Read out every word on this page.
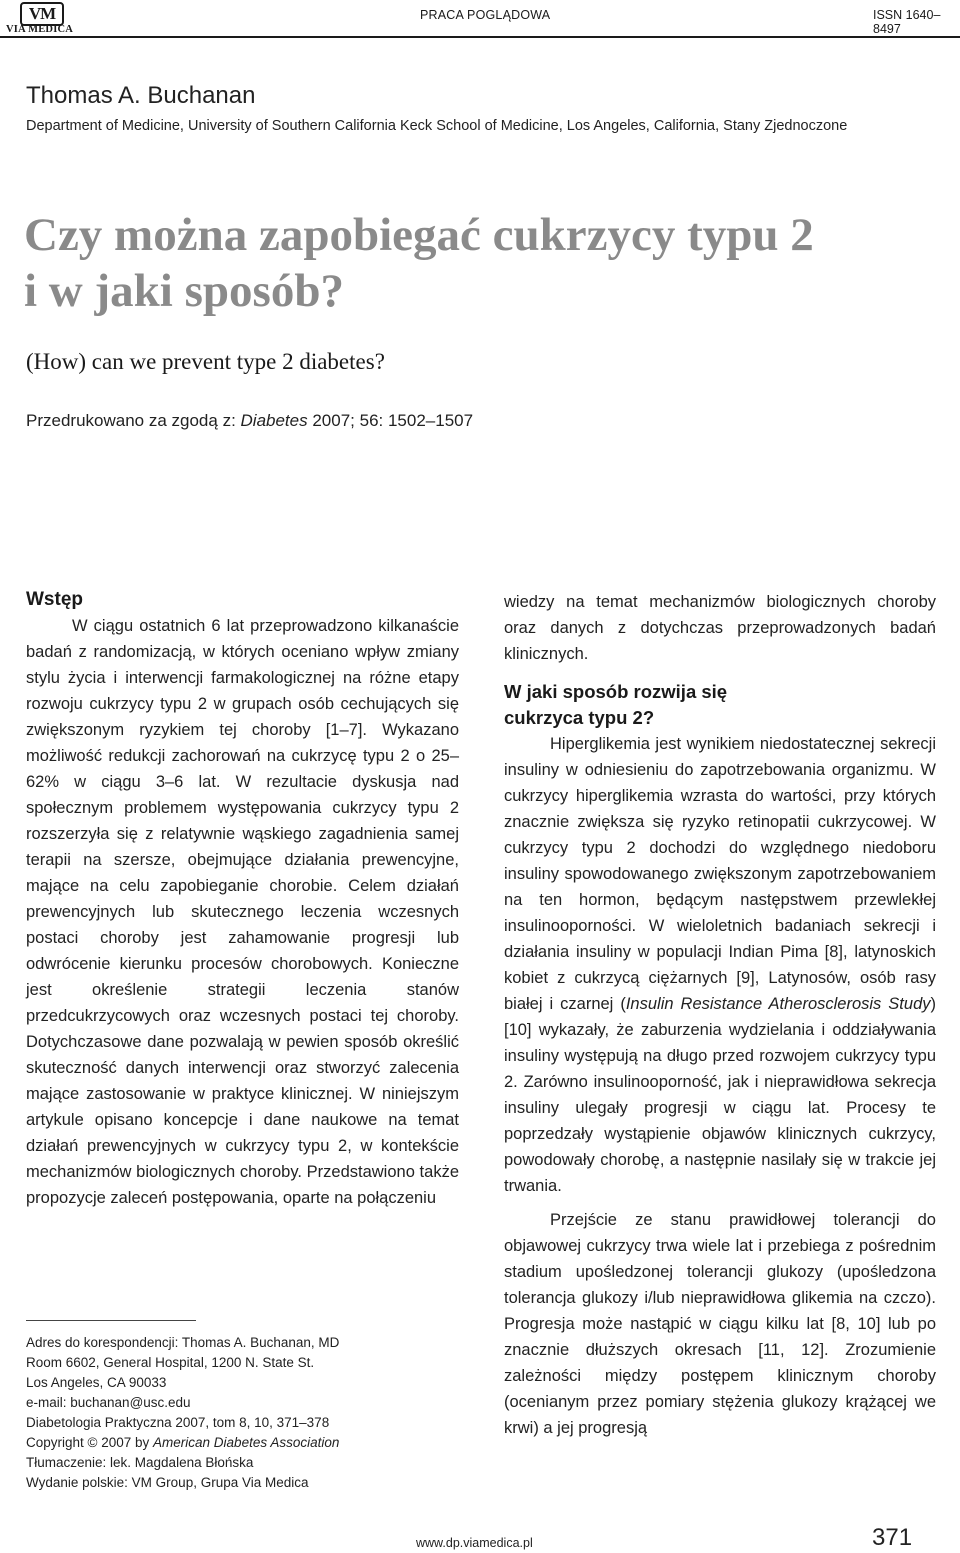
VM
VIA MEDICA
PRACA POGLĄDOWA	ISSN 1640–8497
Thomas A. Buchanan
Department of Medicine, University of Southern California Keck School of Medicine, Los Angeles, California, Stany Zjednoczone
Czy można zapobiegać cukrzycy typu 2
i w jaki sposób?
(How) can we prevent type 2 diabetes?
Przedrukowano za zgodą z: Diabetes 2007; 56: 1502–1507
Wstęp

W ciągu ostatnich 6 lat przeprowadzono kilkanaście badań z randomizacją, w których oceniano wpływ zmiany stylu życia i interwencji farmakologicznej na różne etapy rozwoju cukrzycy typu 2 w grupach osób cechujących się zwiększonym ryzykiem tej choroby [1–7]. Wykazano możliwość redukcji zachorowań na cukrzycę typu 2 o 25–62% w ciągu 3–6 lat. W rezultacie dyskusja nad społecznym problemem występowania cukrzycy typu 2 rozszerzyła się z relatywnie wąskiego zagadnienia samej terapii na szersze, obejmujące działania prewencyjne, mające na celu zapobieganie chorobie. Celem działań prewencyjnych lub skutecznego leczenia wczesnych postaci choroby jest zahamowanie progresji lub odwrócenie kierunku procesów chorobowych. Konieczne jest określenie strategii leczenia stanów przedcukrzycowych oraz wczesnych postaci tej choroby. Dotychczasowe dane pozwalają w pewien sposób określić skuteczność danych interwencji oraz stworzyć zalecenia mające zastosowanie w praktyce klinicznej. W niniejszym artykule opisano koncepcje i dane naukowe na temat działań prewencyjnych w cukrzycy typu 2, w kontekście mechanizmów biologicznych choroby. Przedstawiono także propozycje zaleceń postępowania, oparte na połączeniu

wiedzy na temat mechanizmów biologicznych choroby oraz danych z dotychczas przeprowadzonych badań klinicznych.

W jaki sposób rozwija się
cukrzyca typu 2?

Hiperglikemia jest wynikiem niedostatecznej sekrecji insuliny w odniesieniu do zapotrzebowania organizmu. W cukrzycy hiperglikemia wzrasta do wartości, przy których znacznie zwiększa się ryzyko retinopatii cukrzycowej. W cukrzycy typu 2 dochodzi do względnego niedoboru insuliny spowodowanego zwiększonym zapotrzebowaniem na ten hormon, będącym następstwem przewlekłej insulinooporności. W wieloletnich badaniach sekrecji i działania insuliny w populacji Indian Pima [8], latynoskich kobiet z cukrzycą ciężarnych [9], Latynosów, osób rasy białej i czarnej (Insulin Resistance Atherosclerosis Study) [10] wykazały, że zaburzenia wydzielania i oddziaływania insuliny występują na długo przed rozwojem cukrzycy typu 2. Zarówno insulinooporność, jak i nieprawidłowa sekrecja insuliny ulegały progresji w ciągu lat. Procesy te poprzedzały wystąpienie objawów klinicznych cukrzycy, powodowały chorobę, a następnie nasilały się w trakcie jej trwania.

Przejście ze stanu prawidłowej tolerancji do objawowej cukrzycy trwa wiele lat i przebiega z pośrednim stadium upośledzonej tolerancji glukozy (upośledzona tolerancja glukozy i/lub nieprawidłowa glikemia na czczo). Progresja może nastąpić w ciągu kilku lat [8, 10] lub po znacznie dłuższych okresach [11, 12]. Zrozumienie zależności między postępem klinicznym choroby (ocenianym przez pomiary stężenia glukozy krążącej we krwi) a jej progresją

Adres do korespondencji: Thomas A. Buchanan, MD
Room 6602, General Hospital, 1200 N. State St.
Los Angeles, CA 90033
e-mail: buchanan@usc.edu
Diabetologia Praktyczna 2007, tom 8, 10, 371–378
Copyright © 2007 by American Diabetes Association
Tłumaczenie: lek. Magdalena Błońska
Wydanie polskie: VM Group, Grupa Via Medica
www.dp.viamedica.pl	371
